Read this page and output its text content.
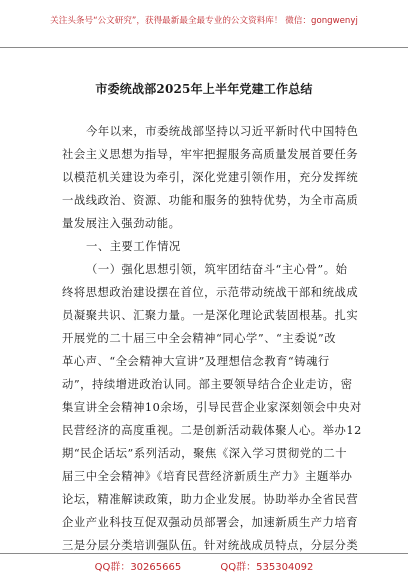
关注头条号“公文研究”，获得最新最全最专业的公文资料库！ 微信：gongwenyj
市委统战部2025年上半年党建工作总结
今年以来，市委统战部坚持以习近平新时代中国特色
社会主义思想为指导，牢牢把握服务高质量发展首要任务
以模范机关建设为牵引，深化党建引领作用，充分发挥统
一战线政治、资源、功能和服务的独特优势，为全市高质
量发展注入强劲动能。
一、主要工作情况
（一）强化思想引领，筑牢团结奋斗“主心骨”。始
终将思想政治建设摆在首位，示范带动统战干部和统战成
员凝聚共识、汇聚力量。一是深化理论武装固根基。扎实
开展党的二十届三中全会精神“同心学”、“主委说”改
革心声、“全会精神大宣讲”及理想信念教育“铸魂行
动”，持续增进政治认同。部主要领导结合企业走访，密
集宣讲全会精神10余场，引导民营企业家深刻领会中央对
民营经济的高度重视。二是创新活动载体聚人心。举办12
期“民企话坛”系列活动，聚焦《深入学习贯彻党的二十
届三中全会精神》《培育民营经济新质生产力》主题举办
论坛，精准解读政策，助力企业发展。协助举办全省民营
企业产业科技互促双强动员部署会，加速新质生产力培育
三是分层分类培训强队伍。针对统战成员特点，分层分类
QQ群：30265665	QQ群：535304092
